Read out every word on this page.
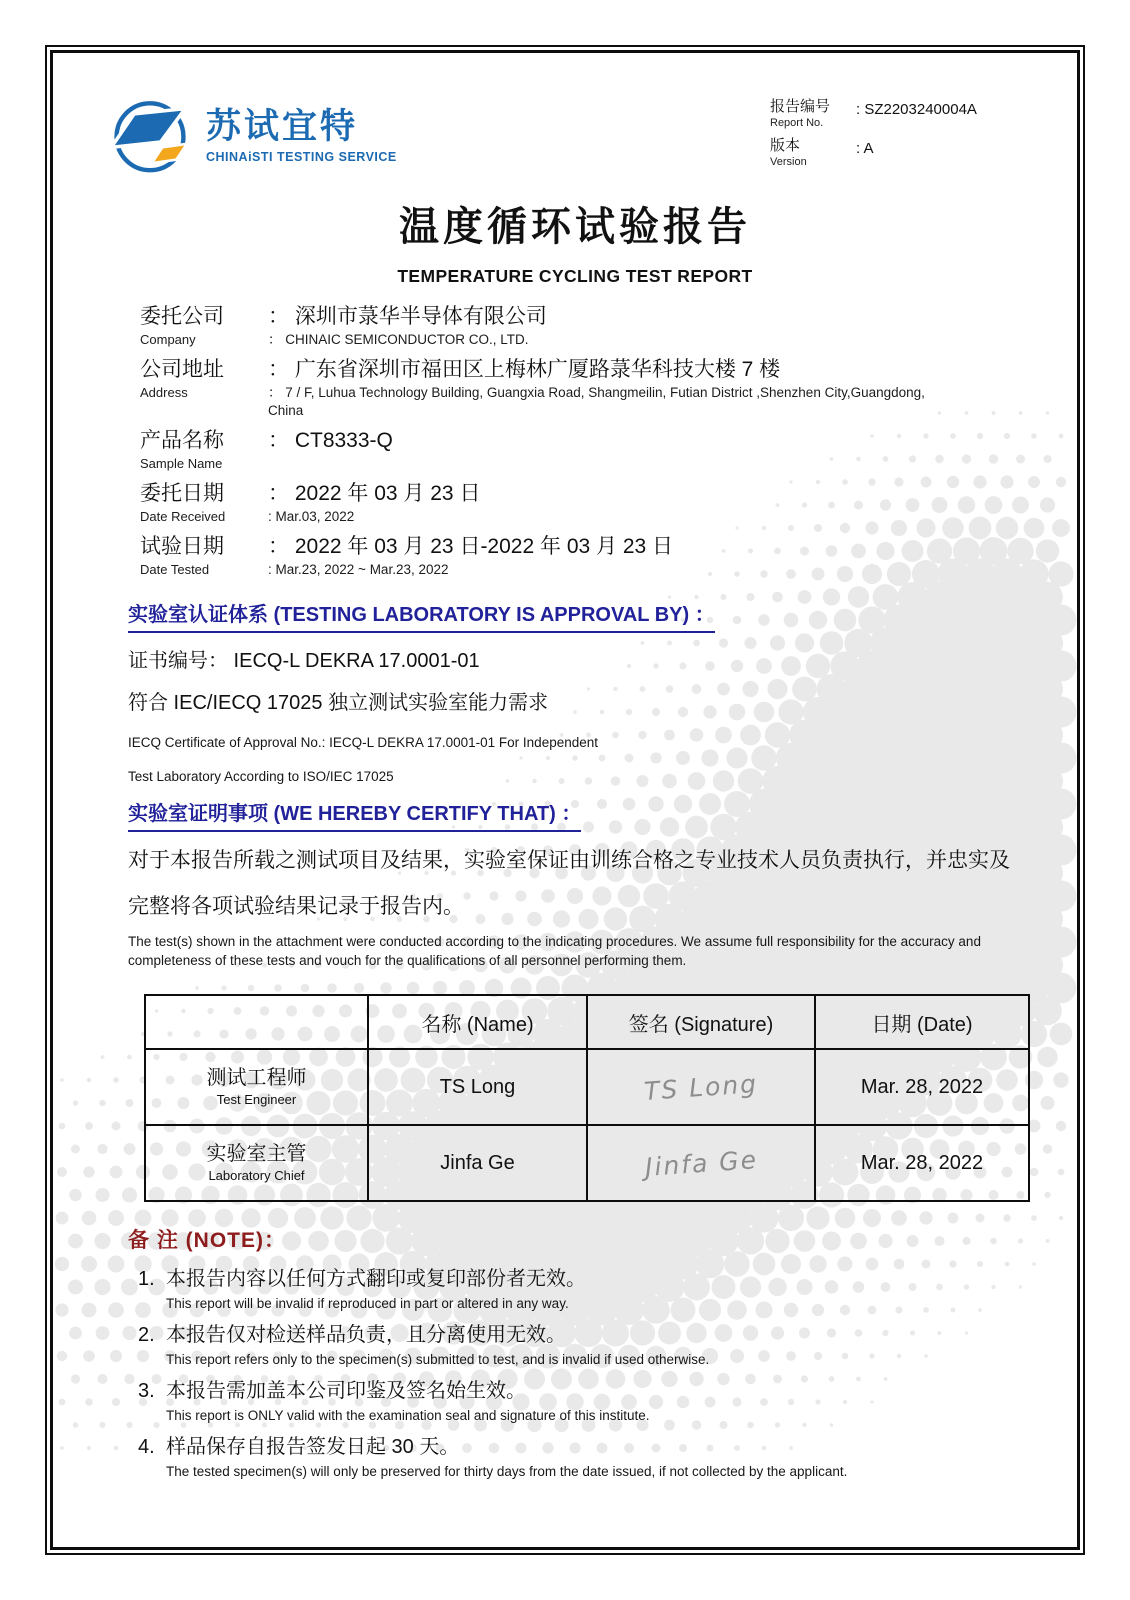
苏试宜特
CHINAiSTI TESTING SERVICE
报告编号
Report No.
: SZ2203240004A
版本
Version
: A
温度循环试验报告
TEMPERATURE CYCLING TEST REPORT
委托公司
Company
： 深圳市菉华半导体有限公司
： CHINAIC SEMICONDUCTOR CO., LTD.
公司地址
Address
： 广东省深圳市福田区上梅林广厦路菉华科技大楼 7 楼
： 7 / F, Luhua Technology Building, Guangxia Road, Shangmeilin, Futian District ,Shenzhen City,Guangdong, China
产品名称
Sample Name
： CT8333-Q
委托日期
Date Received
： 2022 年 03 月 23 日
: Mar.03, 2022
试验日期
Date Tested
： 2022 年 03 月 23 日-2022 年 03 月 23 日
: Mar.23, 2022 ~ Mar.23, 2022
实验室认证体系 (TESTING LABORATORY IS APPROVAL BY) ：
证书编号： IECQ-L DEKRA 17.0001-01
符合 IEC/IECQ 17025 独立测试实验室能力需求
IECQ Certificate of Approval No.: IECQ-L DEKRA 17.0001-01 For Independent
Test Laboratory According to ISO/IEC 17025
实验室证明事项 (WE HEREBY CERTIFY THAT) ：
对于本报告所载之测试项目及结果，实验室保证由训练合格之专业技术人员负责执行，并忠实及完整将各项试验结果记录于报告内。
The test(s) shown in the attachment were conducted according to the indicating procedures. We assume full responsibility for the accuracy and completeness of these tests and vouch for the qualifications of all personnel performing them.
	名称 (Name)	签名 (Signature)	日期 (Date)

测试工程师
Test Engineer	TS Long	TS Long	Mar. 28, 2022

实验室主管
Laboratory Chief	Jinfa Ge	Jinfa Ge	Mar. 28, 2022
备 注 (NOTE)：
1. 本报告内容以任何方式翻印或复印部份者无效。
This report will be invalid if reproduced in part or altered in any way.
2. 本报告仅对检送样品负责，且分离使用无效。
This report refers only to the specimen(s) submitted to test, and is invalid if used otherwise.
3. 本报告需加盖本公司印鉴及签名始生效。
This report is ONLY valid with the examination seal and signature of this institute.
4. 样品保存自报告签发日起 30 天。
The tested specimen(s) will only be preserved for thirty days from the date issued, if not collected by the applicant.
